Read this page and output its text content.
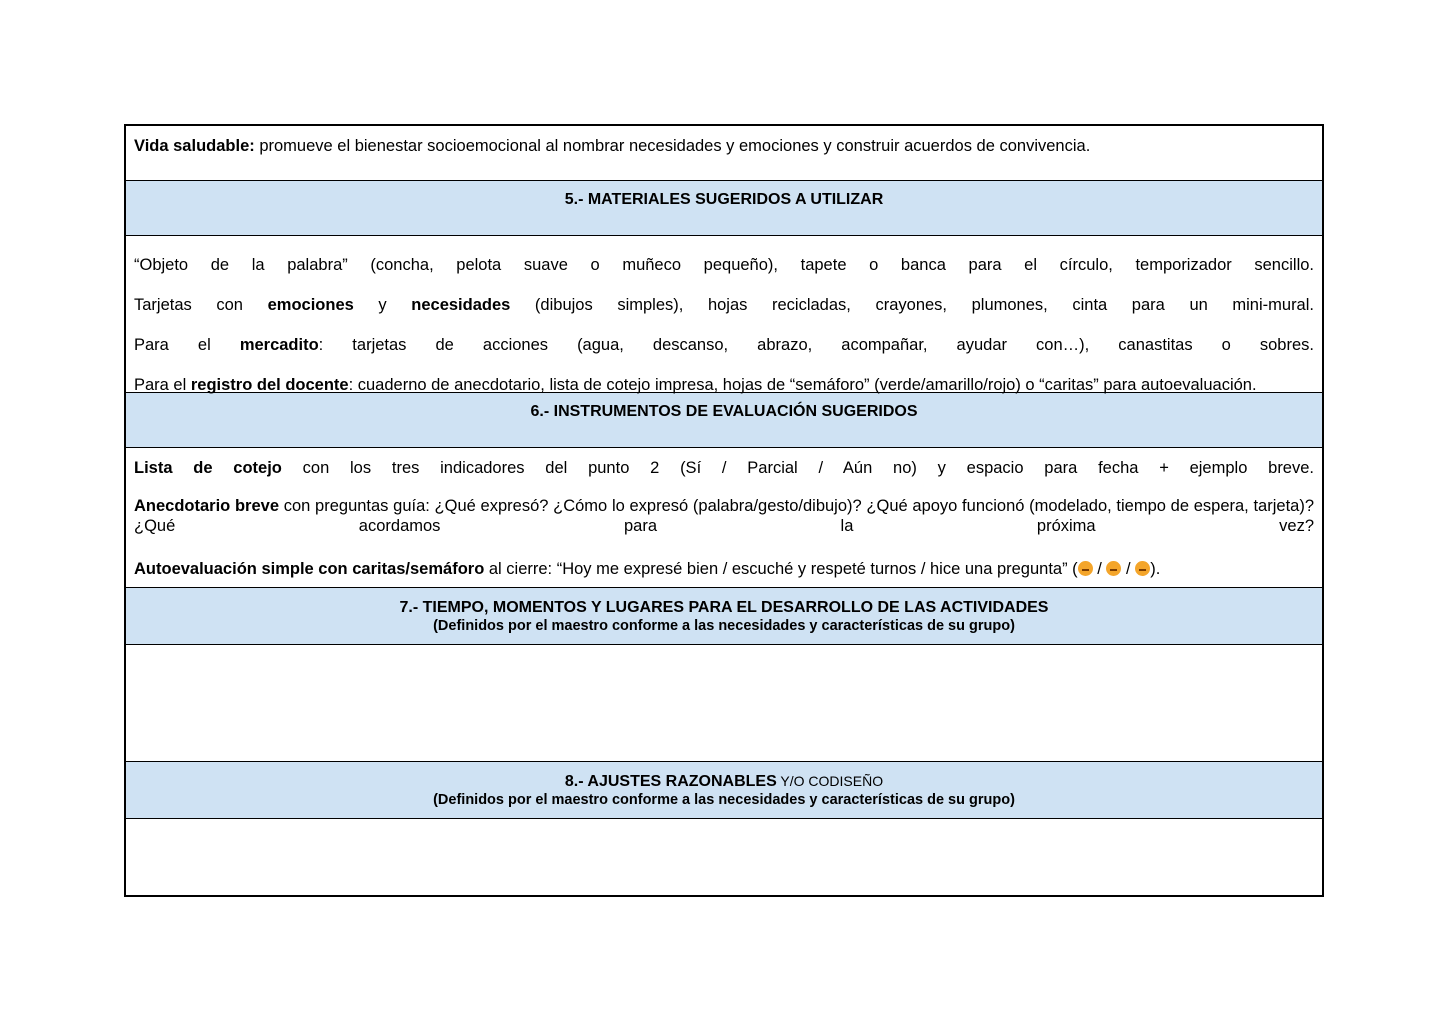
Vida saludable: promueve el bienestar socioemocional al nombrar necesidades y emociones y construir acuerdos de convivencia.
5.- MATERIALES SUGERIDOS A UTILIZAR
“Objeto de la palabra” (concha, pelota suave o muñeco pequeño), tapete o banca para el círculo, temporizador sencillo.
Tarjetas con emociones y necesidades (dibujos simples), hojas recicladas, crayones, plumones, cinta para un mini-mural.
Para el mercadito: tarjetas de acciones (agua, descanso, abrazo, acompañar, ayudar con…), canastitas o sobres.
Para el registro del docente: cuaderno de anecdotario, lista de cotejo impresa, hojas de “semáforo” (verde/amarillo/rojo) o “caritas” para autoevaluación.
6.- INSTRUMENTOS DE EVALUACIÓN SUGERIDOS
Lista de cotejo con los tres indicadores del punto 2 (Sí / Parcial / Aún no) y espacio para fecha + ejemplo breve.
Anecdotario breve con preguntas guía: ¿Qué expresó? ¿Cómo lo expresó (palabra/gesto/dibujo)? ¿Qué apoyo funcionó (modelado, tiempo de espera, tarjeta)? ¿Qué acordamos para la próxima vez?
Autoevaluación simple con caritas/semáforo al cierre: “Hoy me expresé bien / escuché y respeté turnos / hice una pregunta” ( /  / ).
7.- TIEMPO, MOMENTOS Y LUGARES PARA EL DESARROLLO DE LAS ACTIVIDADES
(Definidos por el maestro conforme a las necesidades y características de su grupo)
8.- AJUSTES RAZONABLES Y/O CODISEÑO
(Definidos por el maestro conforme a las necesidades y características de su grupo)
